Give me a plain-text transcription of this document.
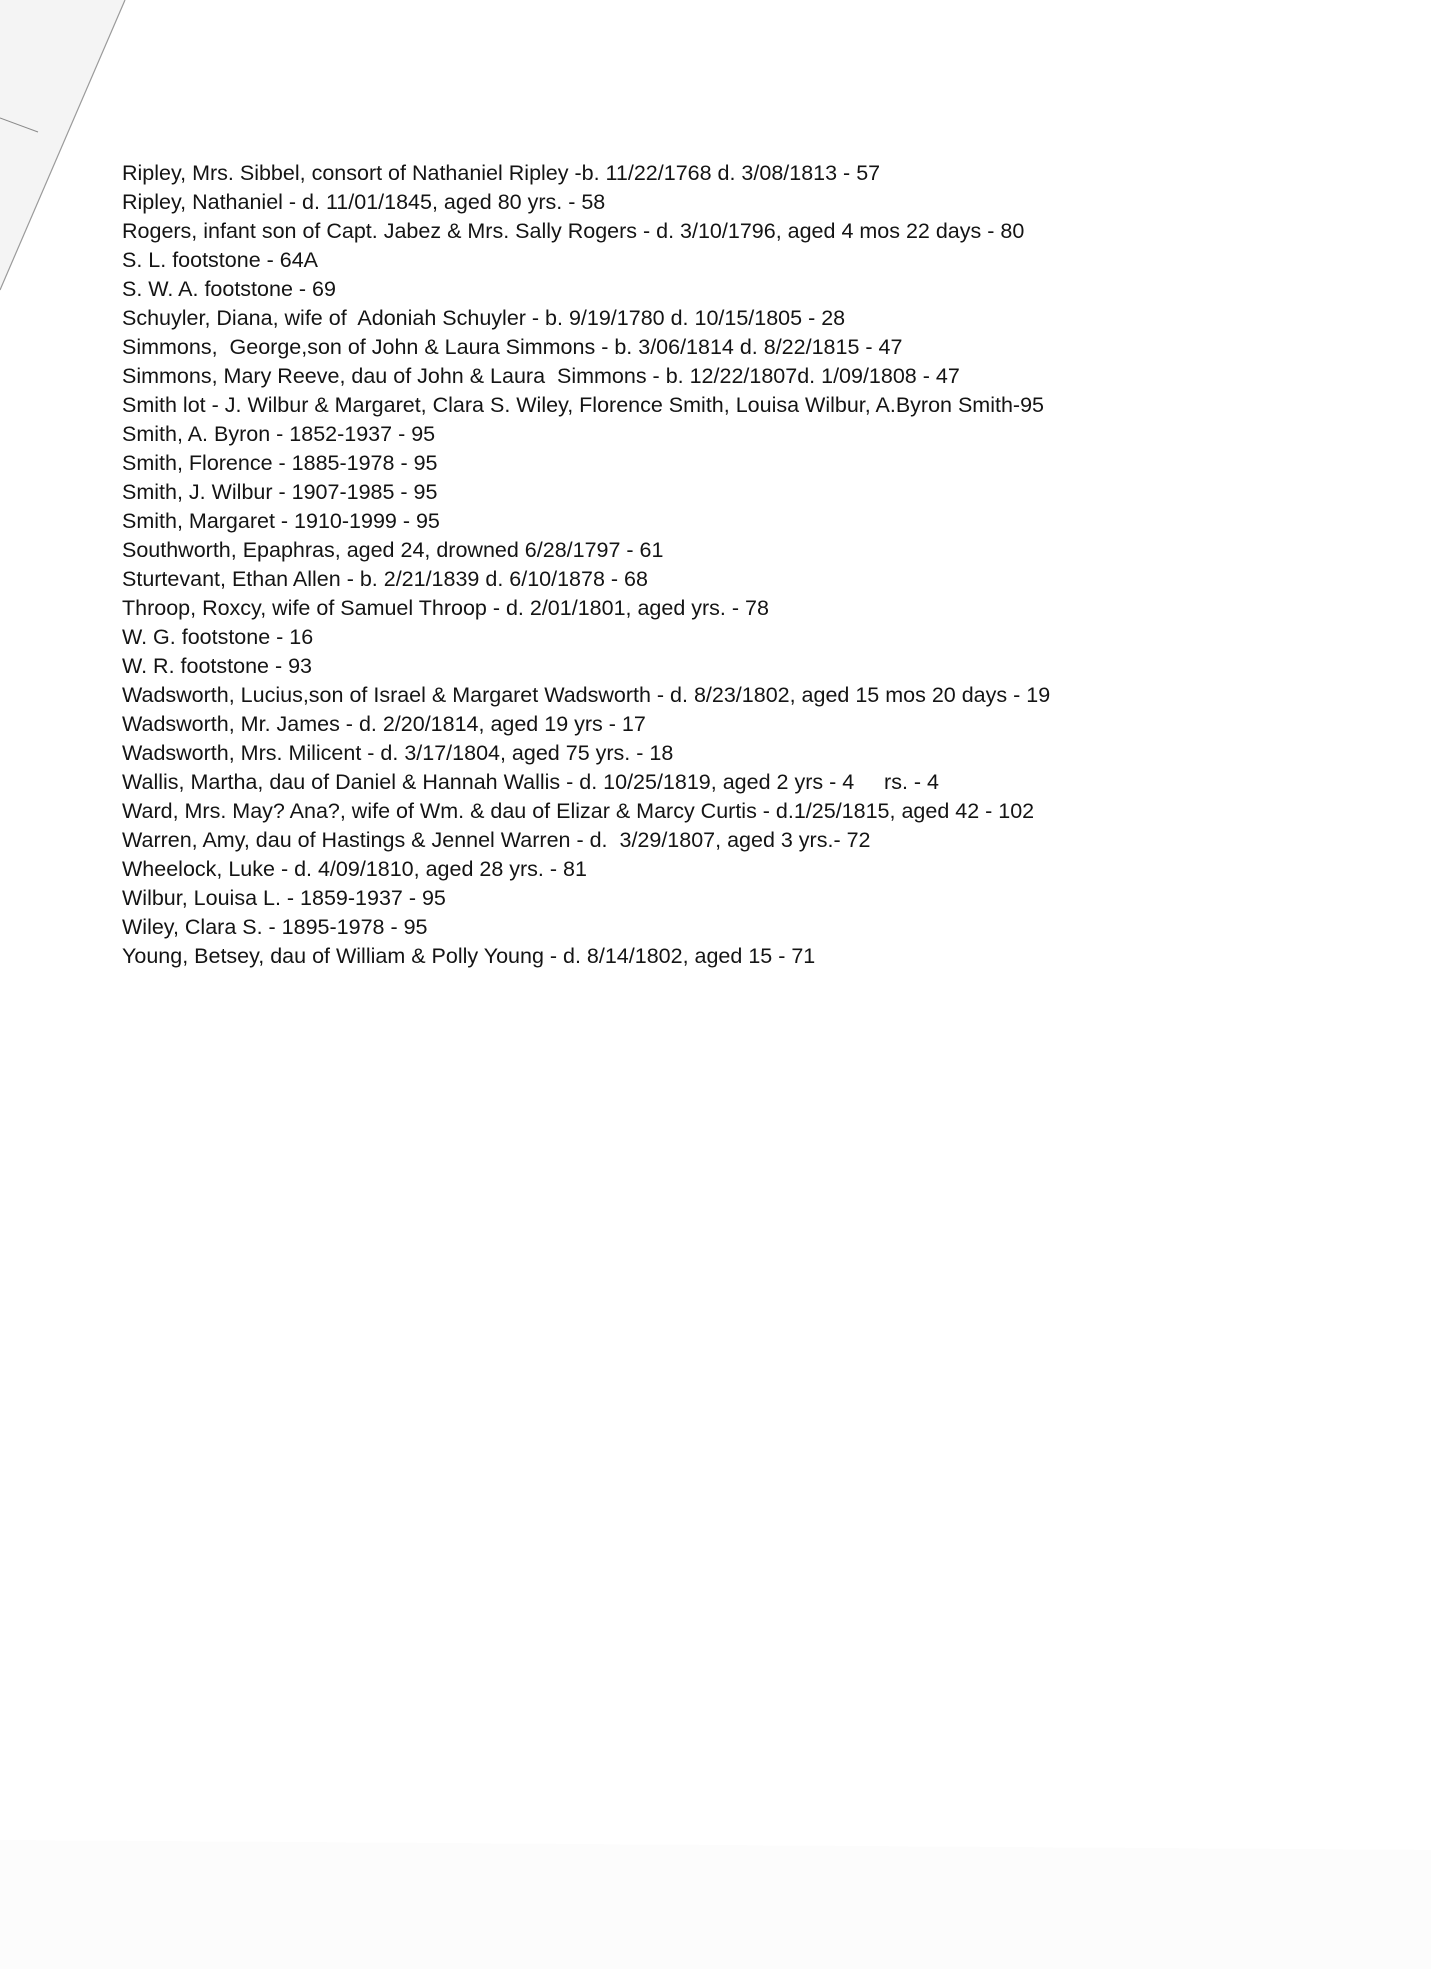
Ripley, Mrs. Sibbel, consort of Nathaniel Ripley -b. 11/22/1768 d. 3/08/1813 - 57
Ripley, Nathaniel - d. 11/01/1845, aged 80 yrs. - 58
Rogers, infant son of Capt. Jabez & Mrs. Sally Rogers - d. 3/10/1796, aged 4 mos 22 days - 80
S. L. footstone - 64A
S. W. A. footstone - 69
Schuyler, Diana, wife of  Adoniah Schuyler - b. 9/19/1780 d. 10/15/1805 - 28
Simmons,  George,son of John & Laura Simmons - b. 3/06/1814 d. 8/22/1815 - 47
Simmons, Mary Reeve, dau of John & Laura  Simmons - b. 12/22/1807d. 1/09/1808 - 47
Smith lot - J. Wilbur & Margaret, Clara S. Wiley, Florence Smith, Louisa Wilbur, A.Byron Smith-95
Smith, A. Byron - 1852-1937 - 95
Smith, Florence - 1885-1978 - 95
Smith, J. Wilbur - 1907-1985 - 95
Smith, Margaret - 1910-1999 - 95
Southworth, Epaphras, aged 24, drowned 6/28/1797 - 61
Sturtevant, Ethan Allen - b. 2/21/1839 d. 6/10/1878 - 68
Throop, Roxcy, wife of Samuel Throop - d. 2/01/1801, aged yrs. - 78
W. G. footstone - 16
W. R. footstone - 93
Wadsworth, Lucius,son of Israel & Margaret Wadsworth - d. 8/23/1802, aged 15 mos 20 days - 19
Wadsworth, Mr. James - d. 2/20/1814, aged 19 yrs - 17
Wadsworth, Mrs. Milicent - d. 3/17/1804, aged 75 yrs. - 18
Wallis, Martha, dau of Daniel & Hannah Wallis - d. 10/25/1819, aged 2 yrs - 4     rs. - 4
Ward, Mrs. May? Ana?, wife of Wm. & dau of Elizar & Marcy Curtis - d.1/25/1815, aged 42 - 102
Warren, Amy, dau of Hastings & Jennel Warren - d.  3/29/1807, aged 3 yrs.- 72
Wheelock, Luke - d. 4/09/1810, aged 28 yrs. - 81
Wilbur, Louisa L. - 1859-1937 - 95
Wiley, Clara S. - 1895-1978 - 95
Young, Betsey, dau of William & Polly Young - d. 8/14/1802, aged 15 - 71
